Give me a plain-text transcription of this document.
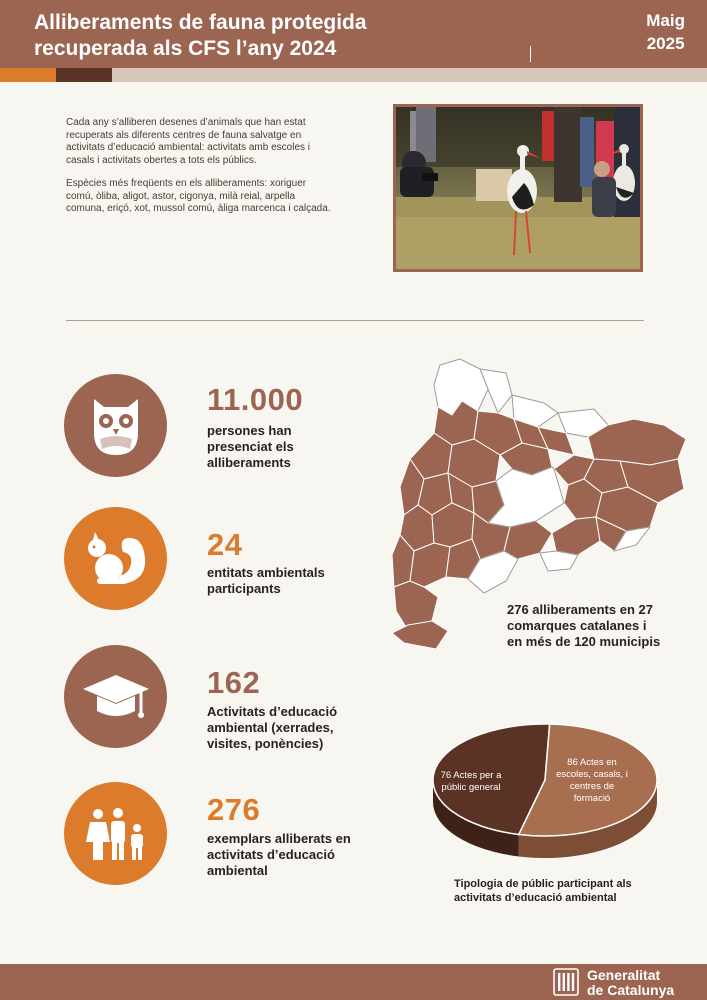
Alliberaments de fauna protegida
recuperada als CFS l’any 2024
Maig
2025

Cada any s’alliberen desenes d’animals que han estat recuperats als diferents centres de fauna salvatge en activitats d’educació ambiental: activitats amb escoles i casals i activitats obertes a tots els públics.

Espècies més freqüents en els alliberaments: xoriguer comú, òliba, aligot, astor, cigonya, milà reial, arpella comuna, eriçó, xot, mussol comú, àliga marcenca i calçada.

11.000
persones han
presenciat els
alliberaments
24
entitats ambientals
participants
162
Activitats d’educació
ambiental (xerrades,
visites, ponències)
276
exemplars alliberats en
activitats d’educació
ambiental
276 alliberaments en 27
comarques catalanes i
en més de 120 municipis
76 Actes per a
públic general
86 Actes en
escoles, casals, i
centres de
formació
Tipologia de públic participant als
activitats d’educació ambiental
Generalitat
de Catalunya
